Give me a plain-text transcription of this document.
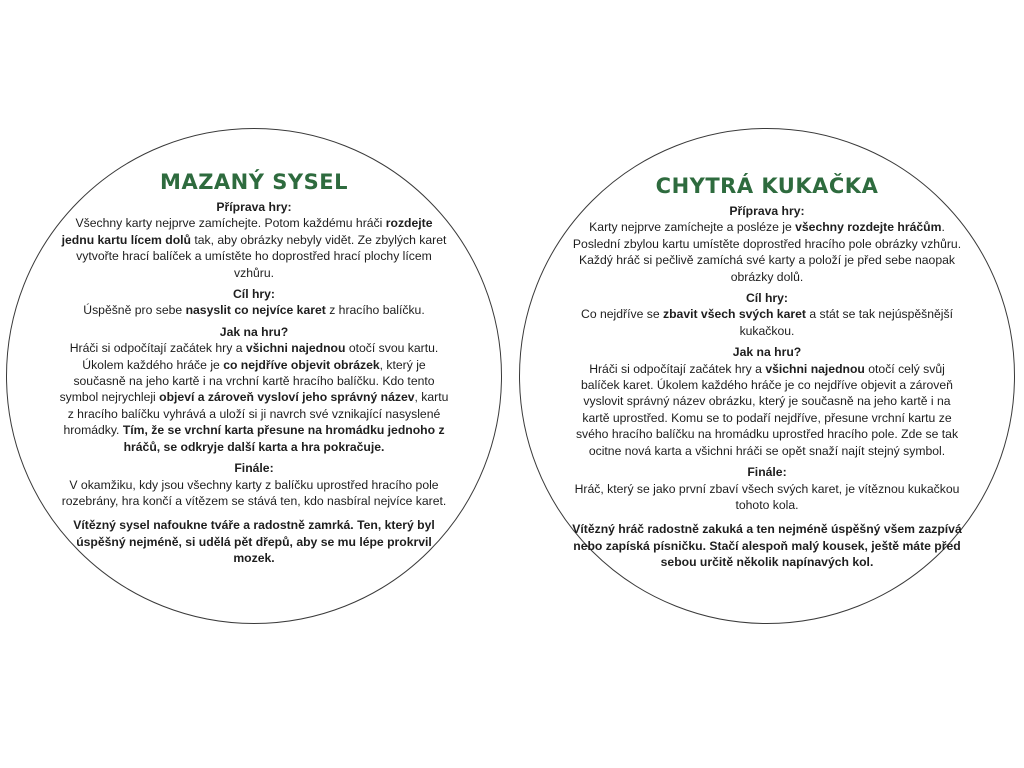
MAZANÝ SYSEL
Příprava hry:

Všechny karty nejprve zamíchejte. Potom každému hráči rozdejte jednu kartu lícem dolů tak, aby obrázky nebyly vidět. Ze zbylých karet vytvořte hrací balíček a umístěte ho doprostřed hrací plochy lícem vzhůru.

Cíl hry:

Úspěšně pro sebe nasyslit co nejvíce karet z hracího balíčku.

Jak na hru?

Hráči si odpočítají začátek hry a všichni najednou otočí svou kartu. Úkolem každého hráče je co nejdříve objevit obrázek, který je současně na jeho kartě i na vrchní kartě hracího balíčku. Kdo tento symbol nejrychleji objeví a zároveň vysloví jeho správný název, kartu z hracího balíčku vyhrává a uloží si ji navrch své vznikající nasyslené hromádky. Tím, že se vrchní karta přesune na hromádku jednoho z hráčů, se odkryje další karta a hra pokračuje.

Finále:

V okamžiku, kdy jsou všechny karty z balíčku uprostřed hracího pole rozebrány, hra končí a vítězem se stává ten, kdo nasbíral nejvíce karet.

Vítězný sysel nafoukne tváře a radostně zamrká. Ten, který byl úspěšný nejméně, si udělá pět dřepů, aby se mu lépe prokrvil mozek.

CHYTRÁ KUKAČKA
Příprava hry:

Karty nejprve zamíchejte a posléze je všechny rozdejte hráčům. Poslední zbylou kartu umístěte doprostřed hracího pole obrázky vzhůru. Každý hráč si pečlivě zamíchá své karty a položí je před sebe naopak obrázky dolů.

Cíl hry:

Co nejdříve se zbavit všech svých karet a stát se tak nejúspěšnější kukačkou.

Jak na hru?

Hráči si odpočítají začátek hry a všichni najednou otočí celý svůj balíček karet. Úkolem každého hráče je co nejdříve objevit a zároveň vyslovit správný název obrázku, který je současně na jeho kartě i na kartě uprostřed. Komu se to podaří nejdříve, přesune vrchní kartu ze svého hracího balíčku na hromádku uprostřed hracího pole. Zde se tak ocitne nová karta a všichni hráči se opět snaží najít stejný symbol.

Finále:

Hráč, který se jako první zbaví všech svých karet, je vítěznou kukačkou tohoto kola.

Vítězný hráč radostně zakuká a ten nejméně úspěšný všem zazpívá nebo zapíská písničku. Stačí alespoň malý kousek, ještě máte před sebou určitě několik napínavých kol.
